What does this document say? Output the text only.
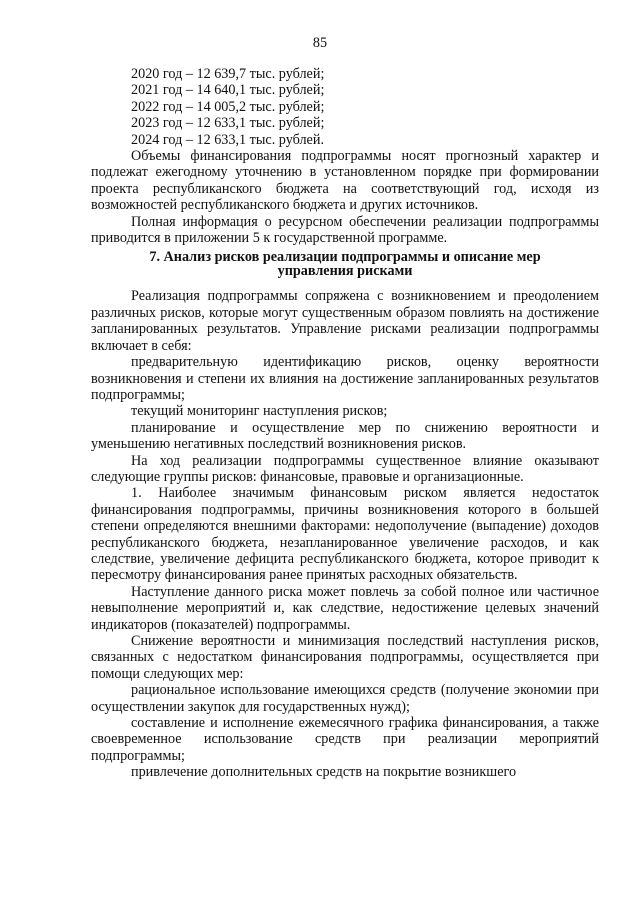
85
2020 год – 12 639,7 тыс. рублей;
2021 год – 14 640,1 тыс. рублей;
2022 год – 14 005,2 тыс. рублей;
2023 год – 12 633,1 тыс. рублей;
2024 год – 12 633,1 тыс. рублей.

Объемы финансирования подпрограммы носят прогнозный характер и подлежат ежегодному уточнению в установленном порядке при формировании проекта республиканского бюджета на соответствующий год, исходя из возможностей республиканского бюджета и других источников.

Полная информация о ресурсном обеспечении реализации подпрограммы приводится в приложении 5 к государственной программе.

7. Анализ рисков реализации подпрограммы и описание мер
управления рисками

Реализация подпрограммы сопряжена с возникновением и преодолением различных рисков, которые могут существенным образом повлиять на достижение запланированных результатов. Управление рисками реализации подпрограммы включает в себя:

предварительную идентификацию рисков, оценку вероятности возникновения и степени их влияния на достижение запланированных результатов подпрограммы;

текущий мониторинг наступления рисков;

планирование и осуществление мер по снижению вероятности и уменьшению негативных последствий возникновения рисков.

На ход реализации подпрограммы существенное влияние оказывают следующие группы рисков: финансовые, правовые и организационные.

1. Наиболее значимым финансовым риском является недостаток финансирования подпрограммы, причины возникновения которого в большей степени определяются внешними факторами: недополучение (выпадение) доходов республиканского бюджета, незапланированное увеличение расходов, и как следствие, увеличение дефицита республиканского бюджета, которое приводит к пересмотру финансирования ранее принятых расходных обязательств.

Наступление данного риска может повлечь за собой полное или частичное невыполнение мероприятий и, как следствие, недостижение целевых значений индикаторов (показателей) подпрограммы.

Снижение вероятности и минимизация последствий наступления рисков, связанных с недостатком финансирования подпрограммы, осуществляется при помощи следующих мер:

рациональное использование имеющихся средств (получение экономии при осуществлении закупок для государственных нужд);

составление и исполнение ежемесячного графика финансирования, а также своевременное использование средств при реализации мероприятий подпрограммы;

привлечение дополнительных средств на покрытие возникшего
